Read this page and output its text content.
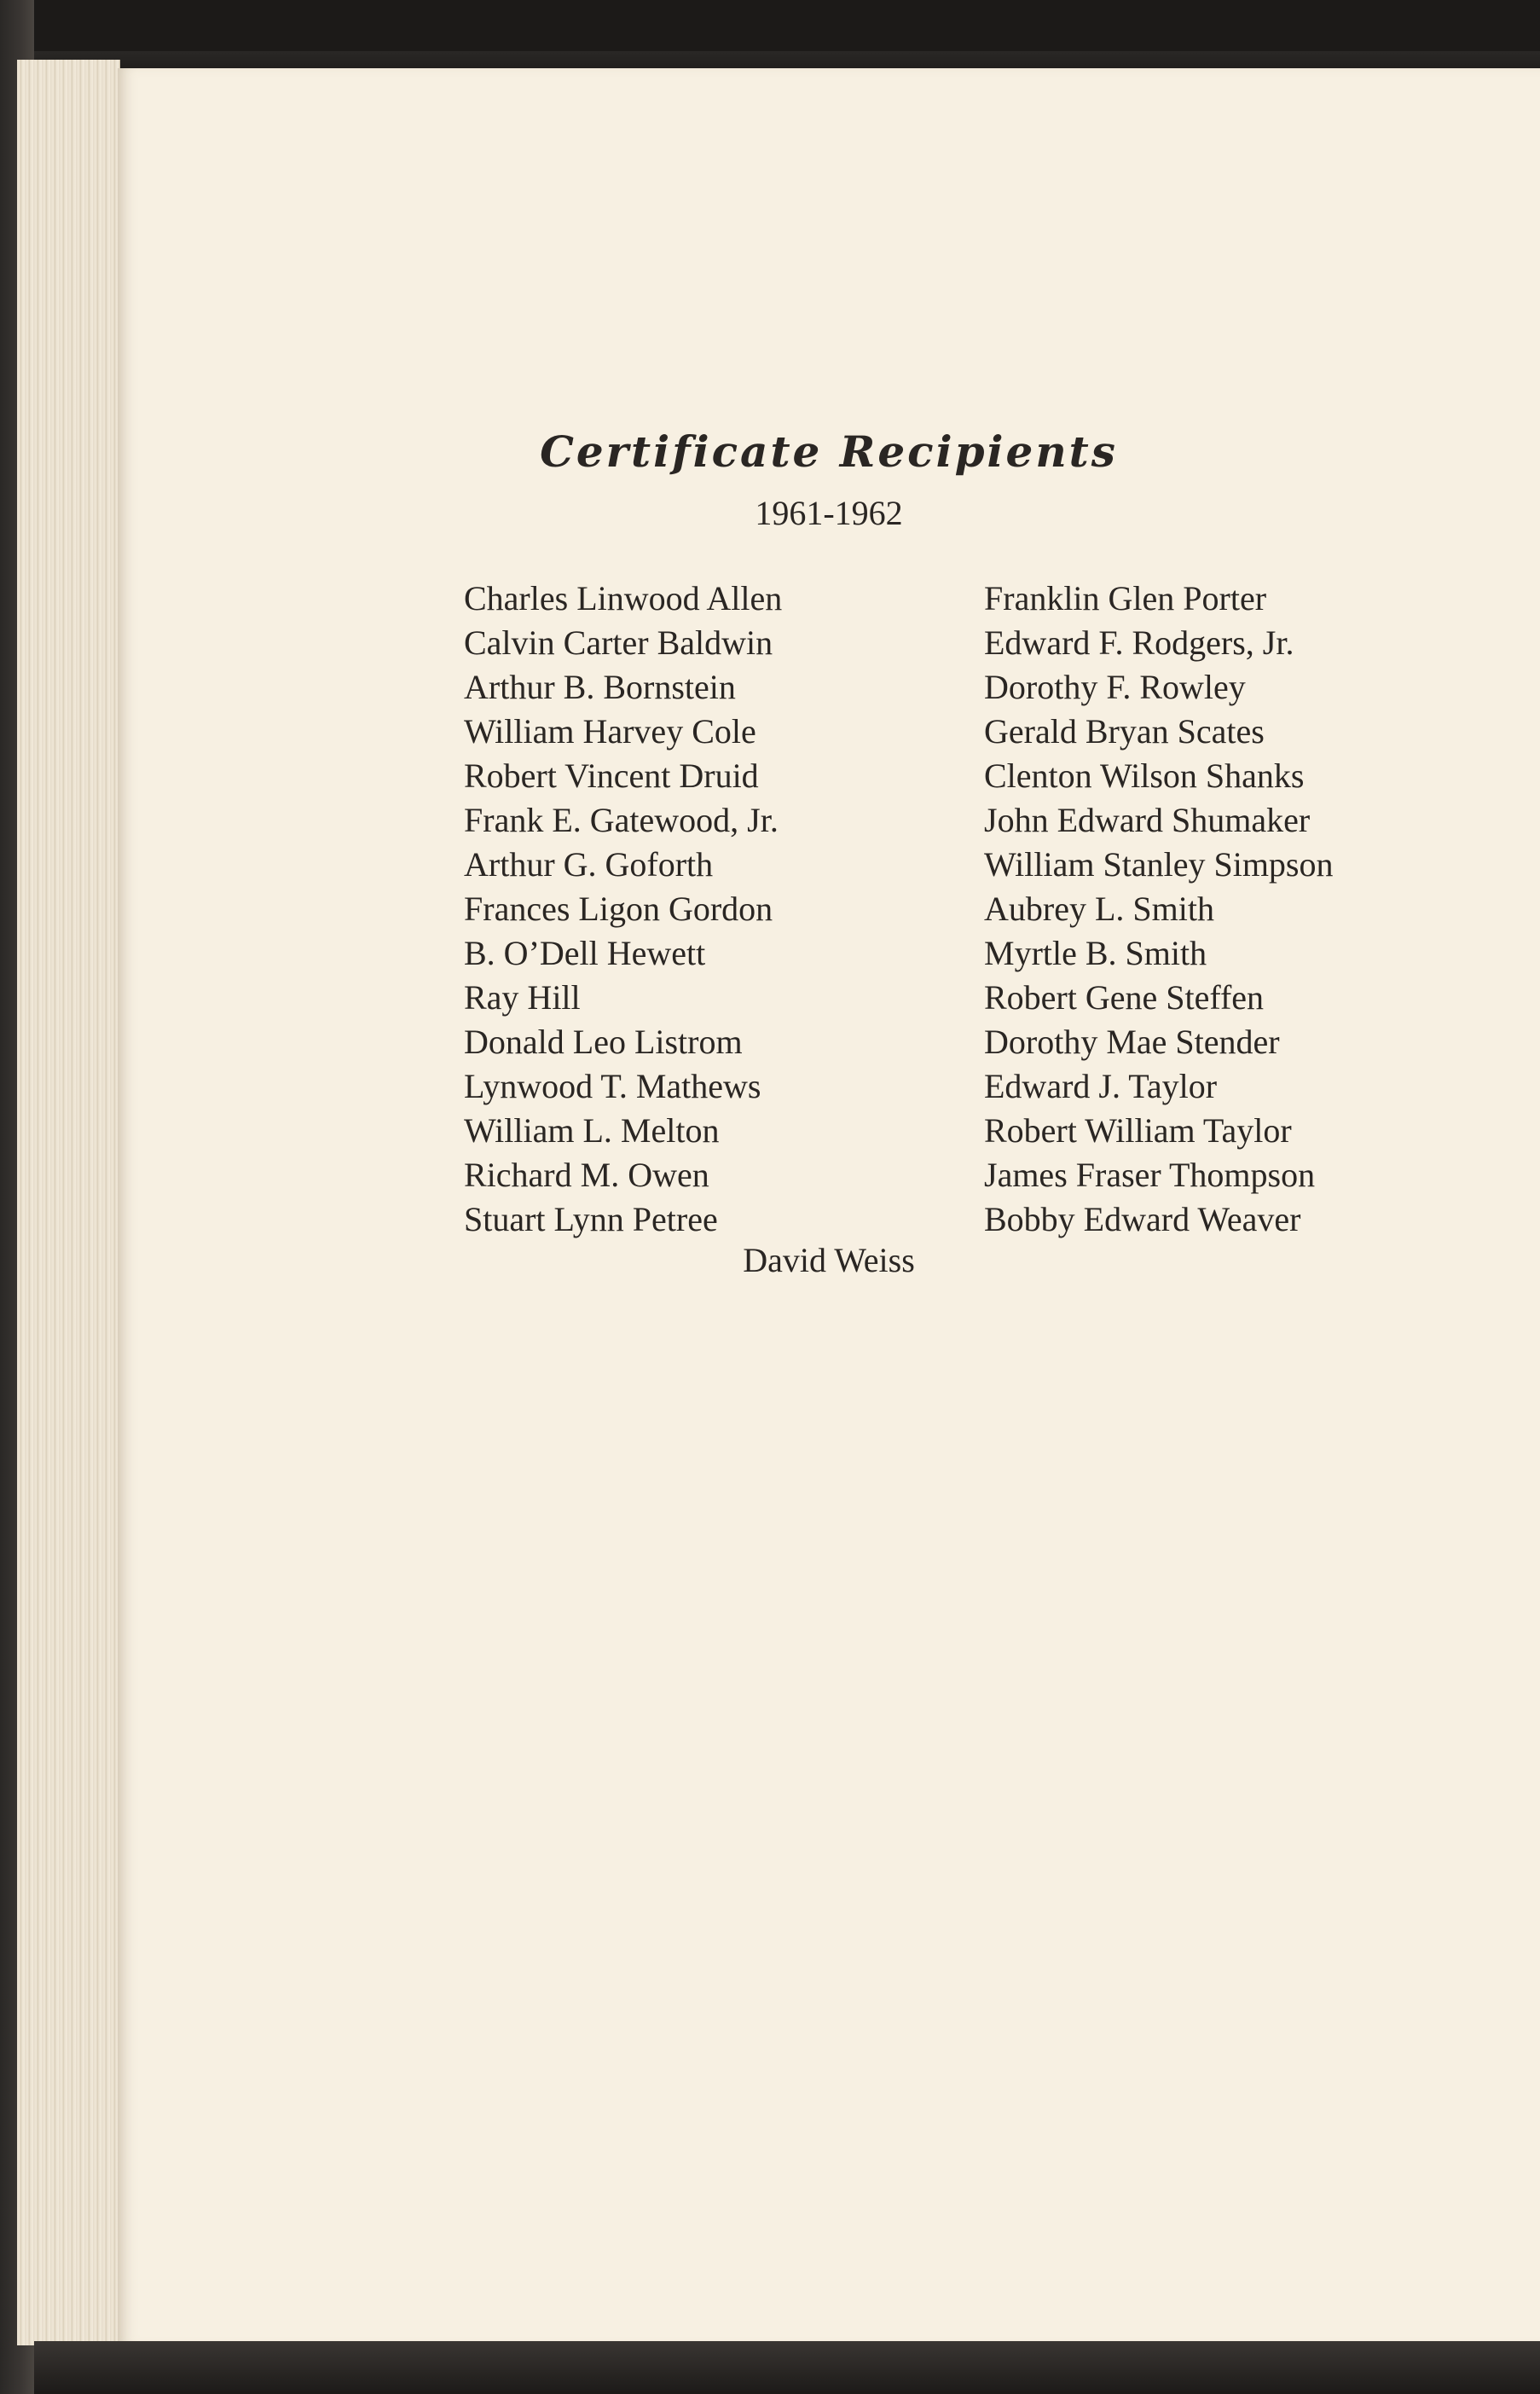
Certificate Recipients

1961-1962

Charles Linwood Allen
Calvin Carter Baldwin
Arthur B. Bornstein
William Harvey Cole
Robert Vincent Druid
Frank E. Gatewood, Jr.
Arthur G. Goforth
Frances Ligon Gordon
B. O’Dell Hewett
Ray Hill
Donald Leo Listrom
Lynwood T. Mathews
William L. Melton
Richard M. Owen
Stuart Lynn Petree
Franklin Glen Porter
Edward F. Rodgers, Jr.
Dorothy F. Rowley
Gerald Bryan Scates
Clenton Wilson Shanks
John Edward Shumaker
William Stanley Simpson
Aubrey L. Smith
Myrtle B. Smith
Robert Gene Steffen
Dorothy Mae Stender
Edward J. Taylor
Robert William Taylor
James Fraser Thompson
Bobby Edward Weaver

David Weiss
